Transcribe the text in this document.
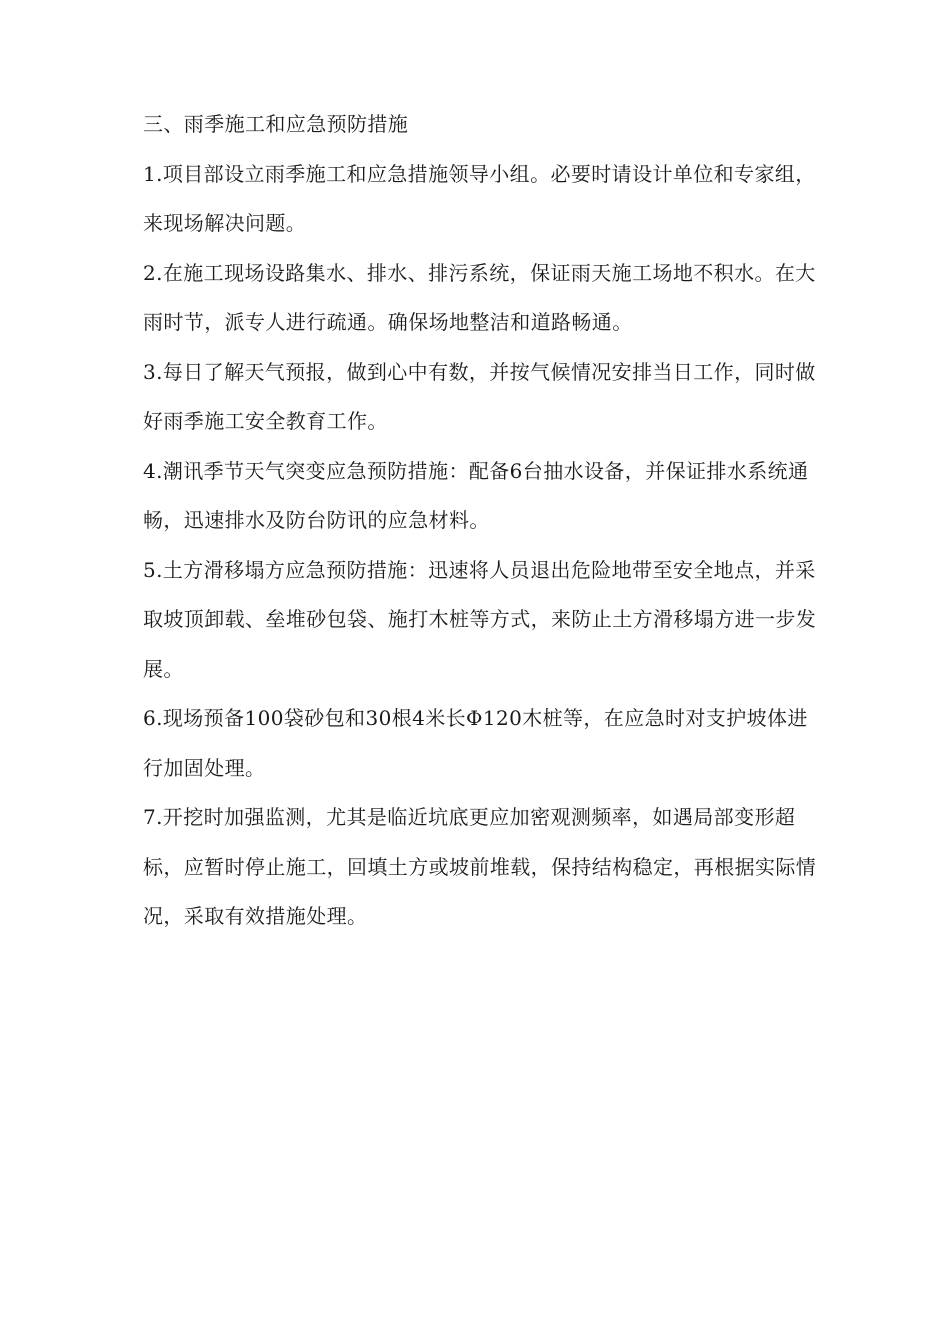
三、雨季施工和应急预防措施

1.项目部设立雨季施工和应急措施领导小组。必要时请设计单位和专家组，来现场解决问题。

2.在施工现场设路集水、排水、排污系统，保证雨天施工场地不积水。在大雨时节，派专人进行疏通。确保场地整洁和道路畅通。

3.每日了解天气预报，做到心中有数，并按气候情况安排当日工作，同时做好雨季施工安全教育工作。

4.潮讯季节天气突变应急预防措施：配备6台抽水设备，并保证排水系统通畅，迅速排水及防台防讯的应急材料。

5.土方滑移塌方应急预防措施：迅速将人员退出危险地带至安全地点，并采取坡顶卸载、垒堆砂包袋、施打木桩等方式，来防止土方滑移塌方进一步发展。

6.现场预备100袋砂包和30根4米长Φ120木桩等，在应急时对支护坡体进行加固处理。

7.开挖时加强监测，尤其是临近坑底更应加密观测频率，如遇局部变形超标，应暂时停止施工，回填土方或坡前堆载，保持结构稳定，再根据实际情况，采取有效措施处理。
